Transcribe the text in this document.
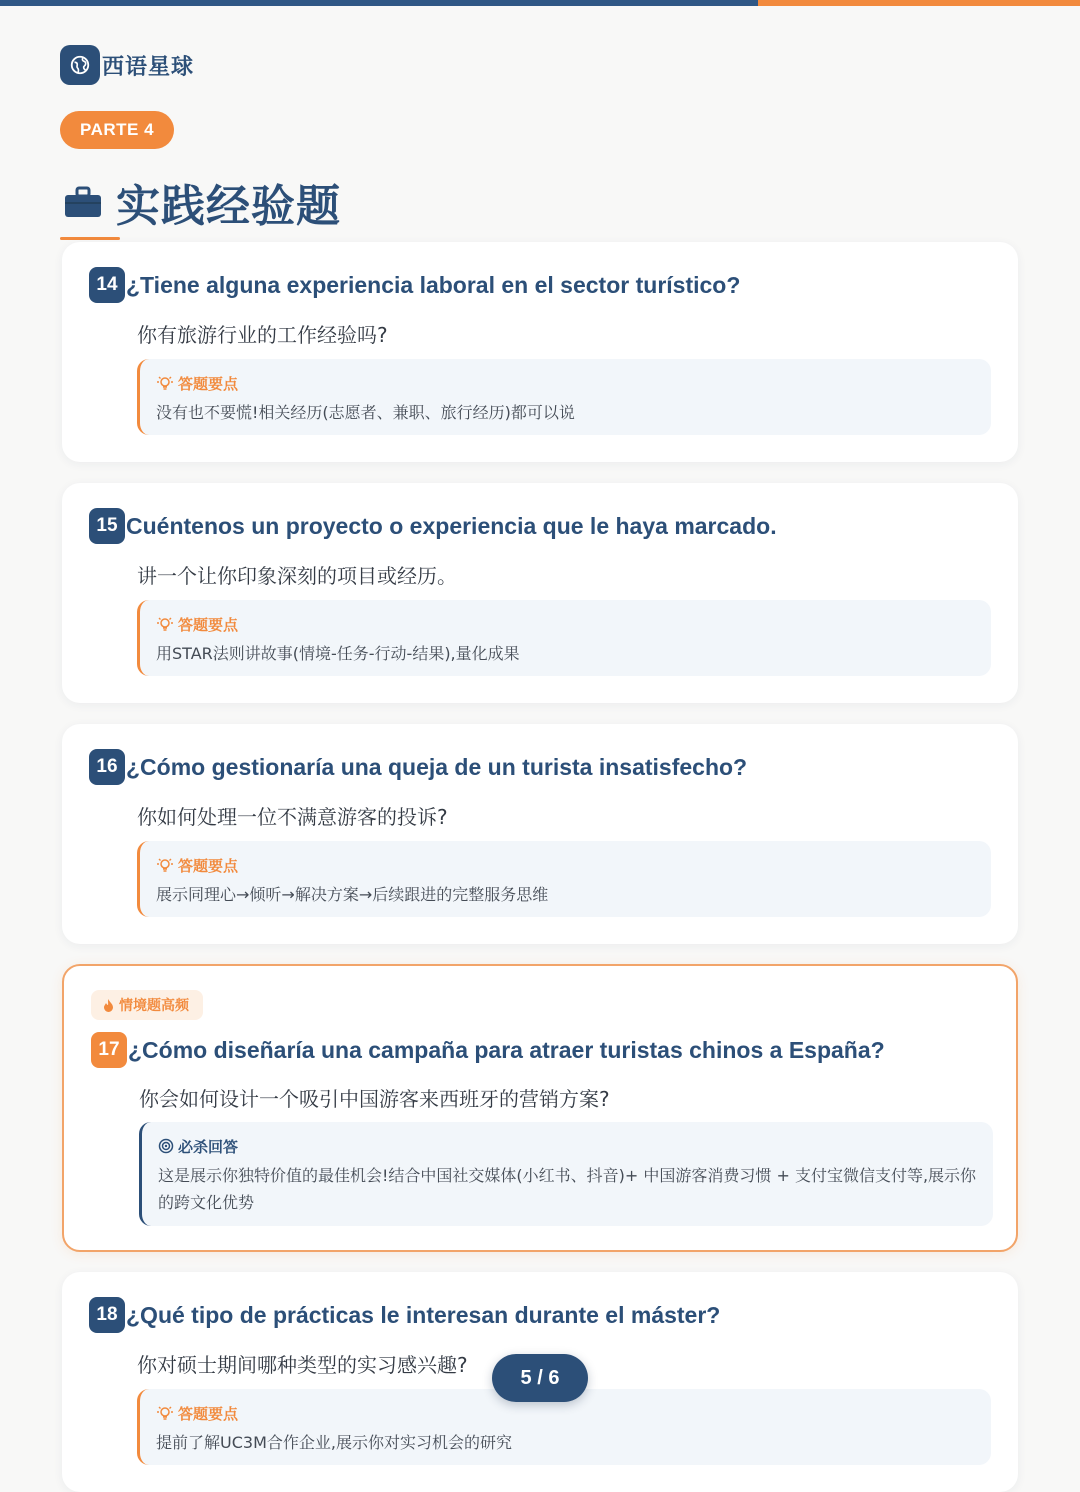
西语星球
PARTE 4
实践经验题
14 ¿Tiene alguna experiencia laboral en el sector turístico?
你有旅游行业的工作经验吗?
答题要点
没有也不要慌!相关经历(志愿者、兼职、旅行经历)都可以说
15 Cuéntenos un proyecto o experiencia que le haya marcado.
讲一个让你印象深刻的项目或经历。
答题要点
用STAR法则讲故事(情境-任务-行动-结果),量化成果
16 ¿Cómo gestionaría una queja de un turista insatisfecho?
你如何处理一位不满意游客的投诉?
答题要点
展示同理心→倾听→解决方案→后续跟进的完整服务思维
情境题高频
17 ¿Cómo diseñaría una campaña para atraer turistas chinos a España?
你会如何设计一个吸引中国游客来西班牙的营销方案?
必杀回答
这是展示你独特价值的最佳机会!结合中国社交媒体(小红书、抖音)+ 中国游客消费习惯 + 支付宝微信支付等,展示你的跨文化优势
18 ¿Qué tipo de prácticas le interesan durante el máster?
你对硕士期间哪种类型的实习感兴趣?
答题要点
提前了解UC3M合作企业,展示你对实习机会的研究
5 / 6
